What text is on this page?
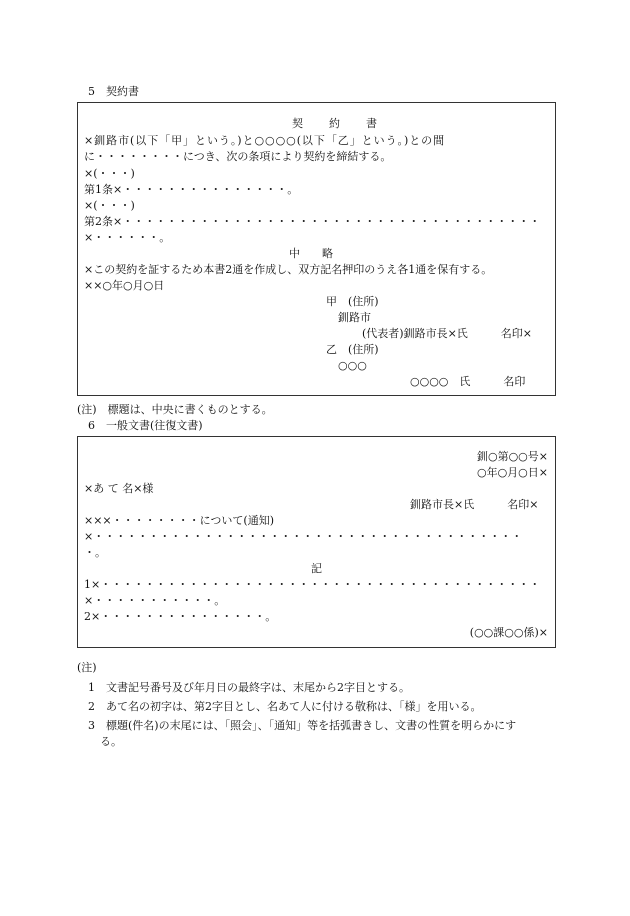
5　契約書
契約書
×釧路市(以下「甲」という。)と○○○○(以下「乙」という。)との間
に・・・・・・・・につき、次の条項により契約を締結する。
×(・・・)
第1条×・・・・・・・・・・・・・・・。
×(・・・)
第2条×・・・・・・・・・・・・・・・・・・・・・・・・・・・・・・・・・・・・・・
×・・・・・・。
中　　略
×この契約を証するため本書2通を作成し、双方記名押印のうえ各1通を保有する。
××○年○月○日
甲　(住所)
釧路市
(代表者)釧路市長×氏　　　名印×
乙　(住所)
○○○
○○○○　氏　　　名印
(注)　標題は、中央に書くものとする。
6　一般文書(往復文書)
釧○第○○号×
○年○月○日×
×あ て 名×様
釧路市長×氏　　　名印×
×××・・・・・・・・について(通知)
×・・・・・・・・・・・・・・・・・・・・・・・・・・・・・・・・・・・・・・・
・。
記
1×・・・・・・・・・・・・・・・・・・・・・・・・・・・・・・・・・・・・・・・・
×・・・・・・・・・・・。
2×・・・・・・・・・・・・・・・。
(○○課○○係)×
(注)
1　文書記号番号及び年月日の最終字は、末尾から2字目とする。
2　あて名の初字は、第2字目とし、名あて人に付ける敬称は、「様」を用いる。
3　標題(件名)の末尾には、「照会」、「通知」等を括弧書きし、文書の性質を明らかにす
る。
